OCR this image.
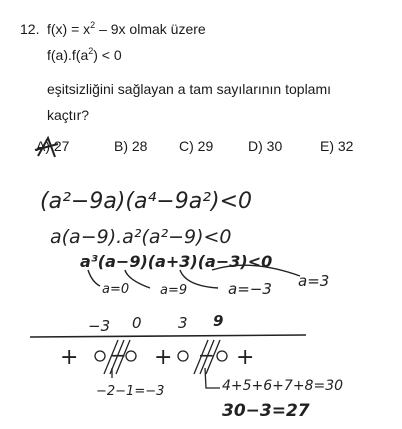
12. $f(x) = x^2 - 9x$ olmak üzere
$f(a).f(a^2) < 0$
eşitsizliğini sağlayan a tam sayılarının toplamı
kaçtır?
A) 27	B) 28 C) 29 D) 30	E) 32
(a²−9a)(a⁴−9a²)<0
a(a−9).a²(a²−9)<0
a³(a−9)(a+3)(a−3)<0
a=0 a=9	a=−3 a=3
−3 0 3 9
+ − + − +
−2−1=−3	4+5+6+7+8=30
30−3=27
